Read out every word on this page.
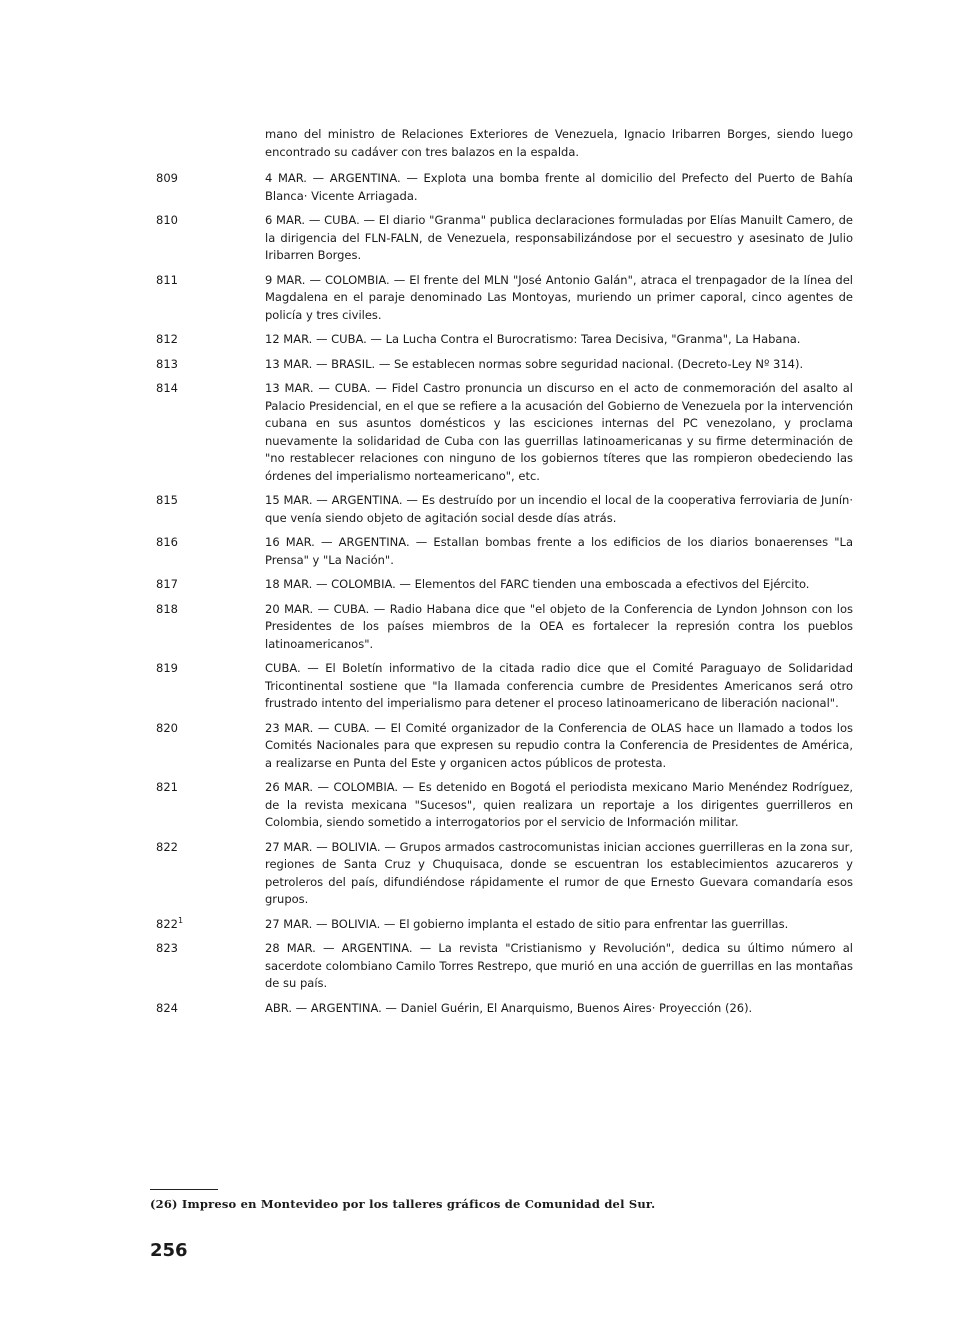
mano del ministro de Relaciones Exteriores de Venezuela, Ignacio Iribarren Borges, siendo luego encontrado su cadáver con tres balazos en la espalda.
809	4 MAR. — ARGENTINA. — Explota una bomba frente al domicilio del Prefecto del Puerto de Bahía Blanca· Vicente Arriagada.
810	6 MAR. — CUBA. — El diario "Granma" publica declaraciones formuladas por Elías Manuilt Camero, de la dirigencia del FLN-FALN, de Venezuela, responsabilizándose por el secuestro y asesinato de Julio Iribarren Borges.
811	9 MAR. — COLOMBIA. — El frente del MLN "José Antonio Galán", atraca el trenpagador de la línea del Magdalena en el paraje denominado Las Montoyas, muriendo un primer caporal, cinco agentes de policía y tres civiles.
812	12 MAR. — CUBA. — La Lucha Contra el Burocratismo: Tarea Decisiva, "Granma", La Habana.
813	13 MAR. — BRASIL. — Se establecen normas sobre seguridad nacional. (Decreto-Ley Nº 314).
814	13 MAR. — CUBA. — Fidel Castro pronuncia un discurso en el acto de conmemoración del asalto al Palacio Presidencial, en el que se refiere a la acusación del Gobierno de Venezuela por la intervención cubana en sus asuntos domésticos y las esciciones internas del PC venezolano, y proclama nuevamente la solidaridad de Cuba con las guerrillas latinoamericanas y su firme determinación de "no restablecer relaciones con ninguno de los gobiernos títeres que las rompieron obedeciendo las órdenes del imperialismo norteamericano", etc.
815	15 MAR. — ARGENTINA. — Es destruído por un incendio el local de la cooperativa ferroviaria de Junín· que venía siendo objeto de agitación social desde días atrás.
816	16 MAR. — ARGENTINA. — Estallan bombas frente a los edificios de los diarios bonaerenses "La Prensa" y "La Nación".
817	18 MAR. — COLOMBIA. — Elementos del FARC tienden una emboscada a efectivos del Ejército.
818	20 MAR. — CUBA. — Radio Habana dice que "el objeto de la Conferencia de Lyndon Johnson con los Presidentes de los países miembros de la OEA es fortalecer la represión contra los pueblos latinoamericanos".
819	CUBA. — El Boletín informativo de la citada radio dice que el Comité Paraguayo de Solidaridad Tricontinental sostiene que "la llamada conferencia cumbre de Presidentes Americanos será otro frustrado intento del imperialismo para detener el proceso latinoamericano de liberación nacional".
820	23 MAR. — CUBA. — El Comité organizador de la Conferencia de OLAS hace un llamado a todos los Comités Nacionales para que expresen su repudio contra la Conferencia de Presidentes de América, a realizarse en Punta del Este y organicen actos públicos de protesta.
821	26 MAR. — COLOMBIA. — Es detenido en Bogotá el periodista mexicano Mario Menéndez Rodríguez, de la revista mexicana "Sucesos", quien realizara un reportaje a los dirigentes guerrilleros en Colombia, siendo sometido a interrogatorios por el servicio de Información militar.
822	27 MAR. — BOLIVIA. — Grupos armados castrocomunistas inician acciones guerrilleras en la zona sur, regiones de Santa Cruz y Chuquisaca, donde se escuentran los establecimientos azucareros y petroleros del país, difundiéndose rápidamente el rumor de que Ernesto Guevara comandaría esos grupos.
$822^1$	27 MAR. — BOLIVIA. — El gobierno implanta el estado de sitio para enfrentar las guerrillas.
823	28 MAR. — ARGENTINA. — La revista "Cristianismo y Revolución", dedica su último número al sacerdote colombiano Camilo Torres Restrepo, que murió en una acción de guerrillas en las montañas de su país.
824	ABR. — ARGENTINA. — Daniel Guérin, El Anarquismo, Buenos Aires· Proyección (26).
(26) Impreso en Montevideo por los talleres gráficos de Comunidad del Sur.
256
